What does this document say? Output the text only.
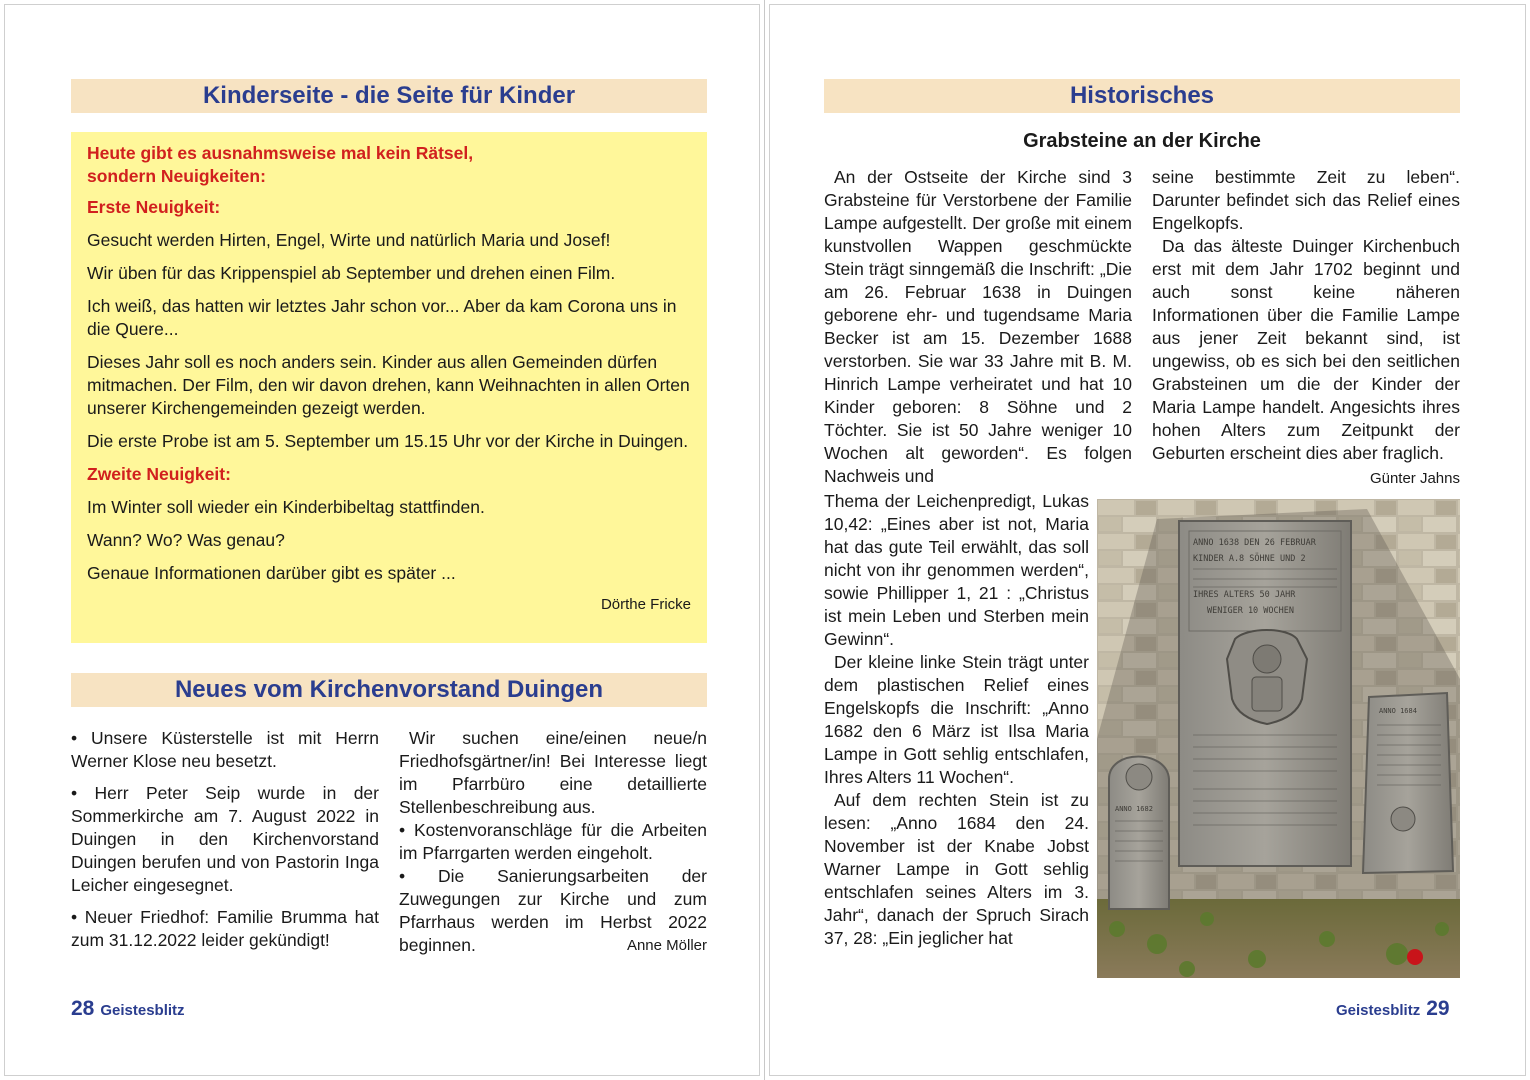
Kinderseite - die Seite für Kinder

Heute gibt es ausnahmsweise mal kein Rätsel,
sondern Neuigkeiten:

Erste Neuigkeit:

Gesucht werden Hirten, Engel, Wirte und natürlich Maria und Josef!

Wir üben für das Krippenspiel ab September und drehen einen Film.

Ich weiß, das hatten wir letztes Jahr schon vor... Aber da kam Corona uns in die Quere...

Dieses Jahr soll es noch anders sein. Kinder aus allen Gemeinden dürfen mitmachen. Der Film, den wir davon drehen, kann Weihnachten in allen Orten unserer Kirchengemeinden gezeigt werden.

Die erste Probe ist am 5. September um 15.15 Uhr vor der Kirche in Duingen.

Zweite Neuigkeit:

Im Winter soll wieder ein Kinderbibeltag stattfinden.

Wann? Wo? Was genau?

Genaue Informationen darüber gibt es später ...

Dörthe Fricke
Neues vom Kirchenvorstand Duingen

• Unsere Küsterstelle ist mit Herrn Werner Klose neu besetzt.

• Herr Peter Seip wurde in der Sommerkirche am 7. August 2022 in Duingen in den Kirchenvorstand Duingen berufen und von Pastorin Inga Leicher eingesegnet.

• Neuer Friedhof: Familie Brumma hat zum 31.12.2022 leider gekündigt!

Wir suchen eine/einen neue/n Friedhofsgärtner/in! Bei Interesse liegt im Pfarrbüro eine detaillierte Stellenbeschreibung aus.

• Kostenvoranschläge für die Arbeiten im Pfarrgarten werden eingeholt.

• Die Sanierungsarbeiten der Zuwegungen zur Kirche und zum Pfarrhaus werden im Herbst 2022 beginnen.	Anne Möller

28 Geistesblitz
Historisches
Grabsteine an der Kirche

An der Ostseite der Kirche sind 3 Grabsteine für Verstorbene der Familie Lampe aufgestellt. Der große mit einem kunstvollen Wappen geschmückte Stein trägt sinngemäß die Inschrift: „Die am 26. Februar 1638 in Duingen geborene ehr- und tugendsame Maria Becker ist am 15. Dezember 1688 verstorben. Sie war 33 Jahre mit B. M. Hinrich Lampe verheiratet und hat 10 Kinder geboren: 8 Söhne und 2 Töchter. Sie ist 50 Jahre weniger 10 Wochen alt geworden“. Es folgen Nachweis und

Thema der Leichenpredigt, Lukas 10,42: „Eines aber ist not, Maria hat das gute Teil erwählt, das soll nicht von ihr genommen werden“, sowie Phillipper 1, 21 : „Christus ist mein Leben und Sterben mein Gewinn“.

Der kleine linke Stein trägt unter dem plastischen Relief eines Engelskopfs die Inschrift: „Anno 1682 den 6 März ist Ilsa Maria Lampe in Gott sehlig entschlafen, Ihres Alters 11 Wochen“.

Auf dem rechten Stein ist zu lesen: „Anno 1684 den 24. November ist der Knabe Jobst Warner Lampe in Gott sehlig entschlafen seines Alters im 3. Jahr“, danach der Spruch Sirach 37, 28: „Ein jeglicher hat

seine bestimmte Zeit zu leben“. Darunter befindet sich das Relief eines Engelkopfs.

Da das älteste Duinger Kirchenbuch erst mit dem Jahr 1702 beginnt und auch sonst keine näheren Informationen über die Familie Lampe aus jener Zeit bekannt sind, ist ungewiss, ob es sich bei den seitlichen Grabsteinen um die der Kinder der Maria Lampe handelt. Angesichts ihres hohen Alters zum Zeitpunkt der Geburten erscheint dies aber fraglich.
Günter Jahns

ANNO 1638 DEN 26 FEBRUAR
KINDER A.8 SÖHNE UND 2
IHRES ALTERS 50 JAHR
WENIGER 10 WOCHEN
ANNO 1682
ANNO 1684
Geistesblitz 29
